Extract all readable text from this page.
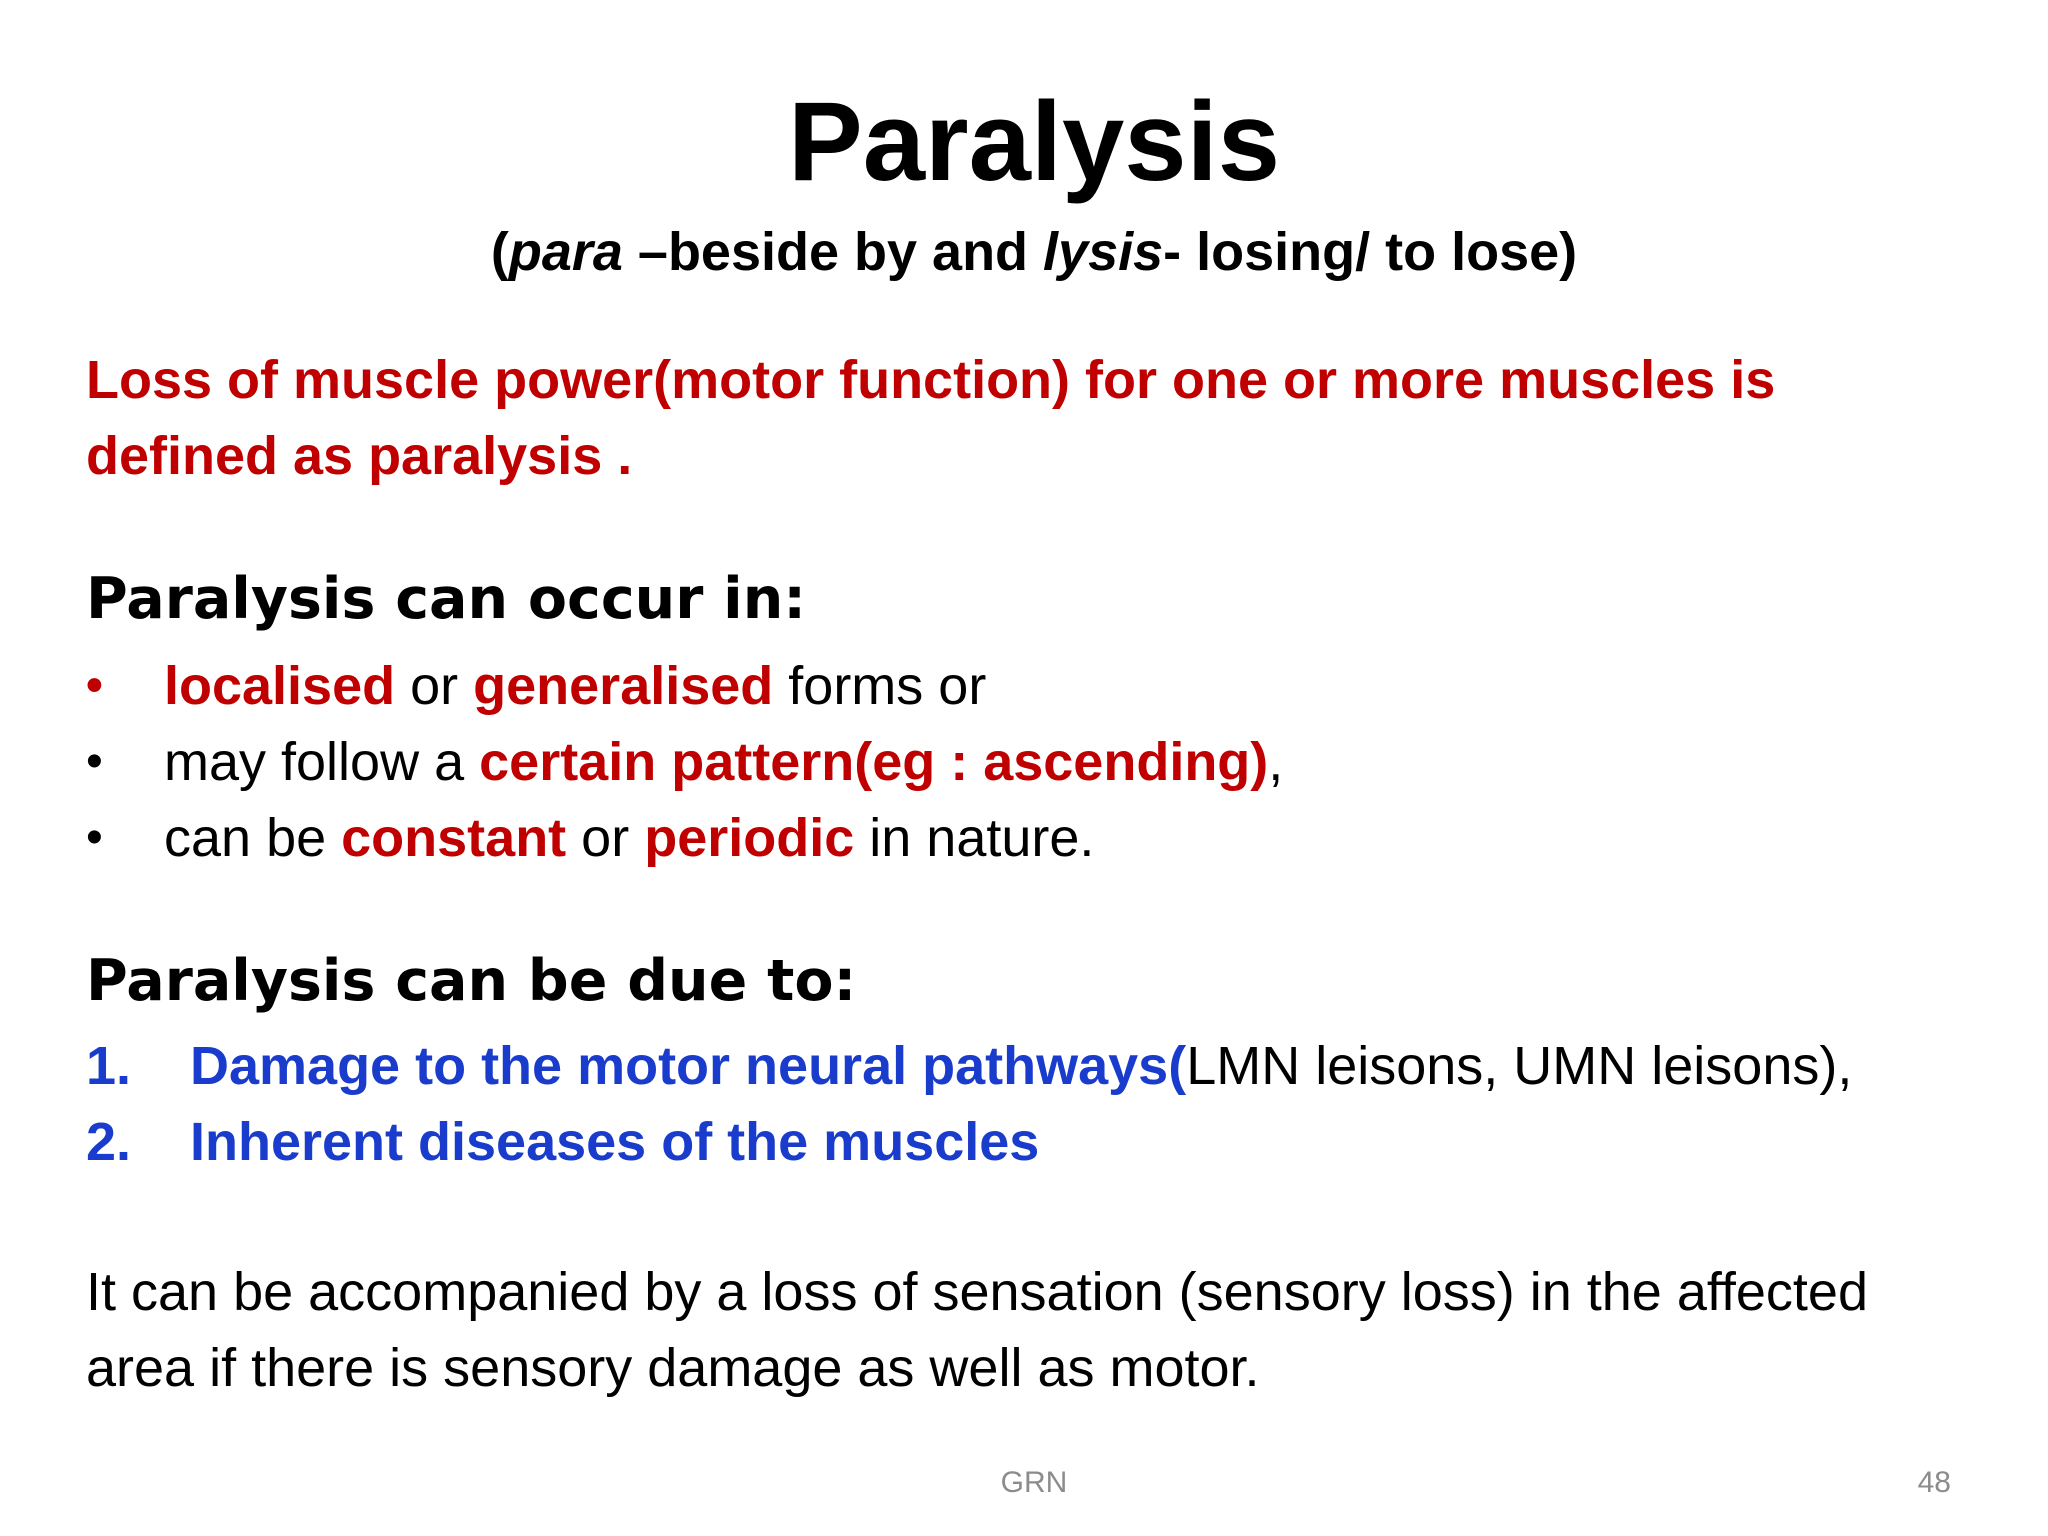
Paralysis
(para –beside by and lysis- losing/ to lose)
Loss of muscle power(motor function) for one or more muscles is defined as paralysis .
Paralysis can occur in:
•	localised or generalised forms or
•	may follow a certain pattern(eg : ascending),
•	can be constant or periodic in nature.
Paralysis can be due to:
1. Damage to the motor neural pathways(LMN leisons, UMN leisons),
2. Inherent diseases of the muscles
It can be accompanied by a loss of sensation (sensory loss) in the affected area if there is sensory damage as well as motor.
GRN	48
